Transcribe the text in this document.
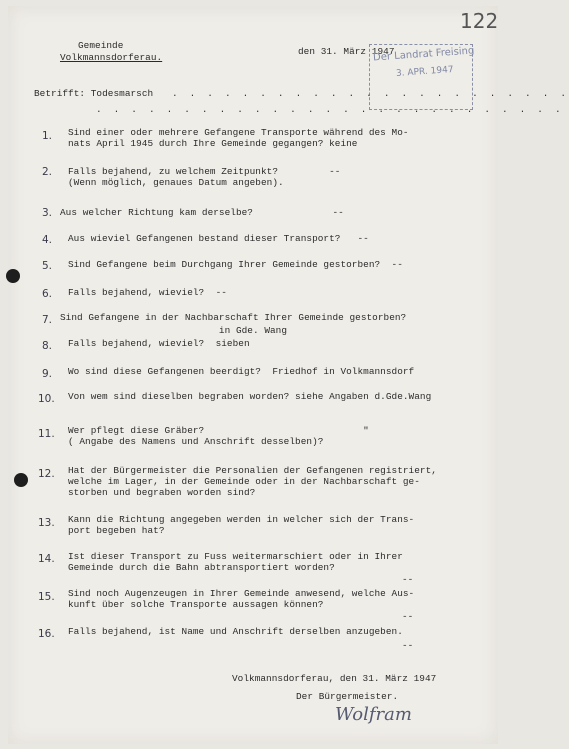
122
Gemeinde
Volkmannsdorferau.
den 31. März 1947
Der Landrat Freising
3. APR. 1947
Betrifft: Todesmarsch . . . . . . . . . . . . . . . . . . . . . . .
. . . . . . . . . . . . . . . . . . . . . . . . . . .
1. Sind einer oder mehrere Gefangene Transporte während des Mo-
nats April 1945 durch Ihre Gemeinde gegangen? keine
2. Falls bejahend, zu welchem Zeitpunkt?         --
(Wenn möglich, genaues Datum angeben).
3. Aus welcher Richtung kam derselbe?              --
4. Aus wieviel Gefangenen bestand dieser Transport?   --
5. Sind Gefangene beim Durchgang Ihrer Gemeinde gestorben?  --
6. Falls bejahend, wieviel?  --
7. Sind Gefangene in der Nachbarschaft Ihrer Gemeinde gestorben?
in Gde. Wang
8. Falls bejahend, wieviel?  sieben
9. Wo sind diese Gefangenen beerdigt?  Friedhof in Volkmannsdorf
10. Von wem sind dieselben begraben worden? siehe Angaben d.Gde.Wang
11. Wer pflegt diese Gräber?                            "
( Angabe des Namens und Anschrift desselben)?
12. Hat der Bürgermeister die Personalien der Gefangenen registriert,
welche im Lager, in der Gemeinde oder in der Nachbarschaft ge-
storben und begraben worden sind?
13. Kann die Richtung angegeben werden in welcher sich der Trans-
port begeben hat?
14. Ist dieser Transport zu Fuss weitermarschiert oder in Ihrer
Gemeinde durch die Bahn abtransportiert worden?
--
15. Sind noch Augenzeugen in Ihrer Gemeinde anwesend, welche Aus-
kunft über solche Transporte aussagen können?
--
16. Falls bejahend, ist Name und Anschrift derselben anzugeben.
--
Volkmannsdorferau, den 31. März 1947
Der Bürgermeister.
Wolfram
